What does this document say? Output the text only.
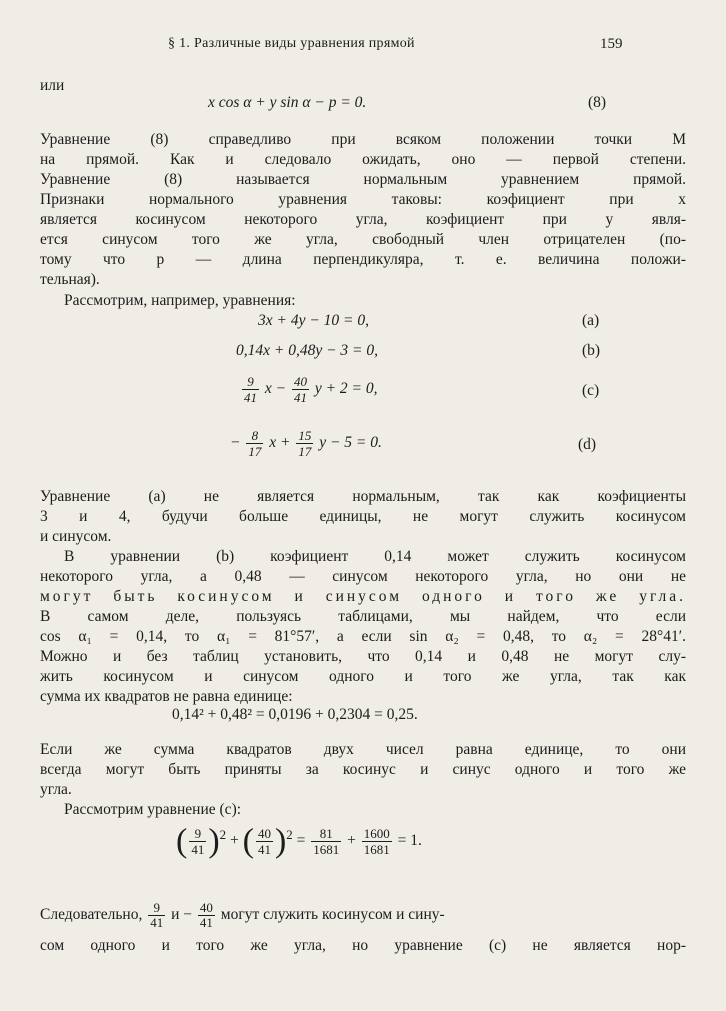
§ 1. Различные виды уравнения прямой	159
или
x cos α + y sin α − p = 0.	(8)
Уравнение (8) справедливо при всяком положении точки M
на прямой. Как и следовало ожидать, оно — первой степени.
Уравнение (8) называется нормальным уравнением прямой.
Признаки нормального уравнения таковы: коэфициент при x
является косинусом некоторого угла, коэфициент при y явля-
ется синусом того же угла, свободный член отрицателен (по-
тому что p — длина перпендикуляра, т. е. величина положи-
тельная).
Рассмотрим, например, уравнения:
3x + 4y − 10 = 0,	(a)
0,14x + 0,48y − 3 = 0,	(b)
$\frac{9}{41}$ $x - \frac{40}{41}$ y + 2 = 0,	(c)
− $\frac{8}{17}$ $x + \frac{15}{17}$ y − 5 = 0.	(d)
Уравнение (a) не является нормальным, так как коэфициенты
3 и 4, будучи больше единицы, не могут служить косинусом
и синусом.
В уравнении (b) коэфициент 0,14 может служить косинусом
некоторого угла, а 0,48 — синусом некоторого угла, но они не
могут быть косинусом и синусом одного и того же угла.
В самом деле, пользуясь таблицами, мы найдем, что если
cos α₁ = 0,14, то α₁ = 81°57′, а если sin α₂ = 0,48, то α₂ = 28°41′.
Можно и без таблиц установить, что 0,14 и 0,48 не могут слу-
жить косинусом и синусом одного и того же угла, так как
сумма их квадратов не равна единице:
0,14² + 0,48² = 0,0196 + 0,2304 = 0,25.
Если же сумма квадратов двух чисел равна единице, то они
всегда могут быть приняты за косинус и синус одного и того же
угла.
Рассмотрим уравнение (c):
( $\frac{9}{41} )^2$ + ( $\frac{40}{41} )^2 = \frac{81}{1681} + \frac{1600}{1681} = 1$.
Следовательно, $\frac{9}{41}$ $и - \frac{40}{41}$ могут служить косинусом и сину-
сом одного и того же угла, но уравнение (c) не является нор-
